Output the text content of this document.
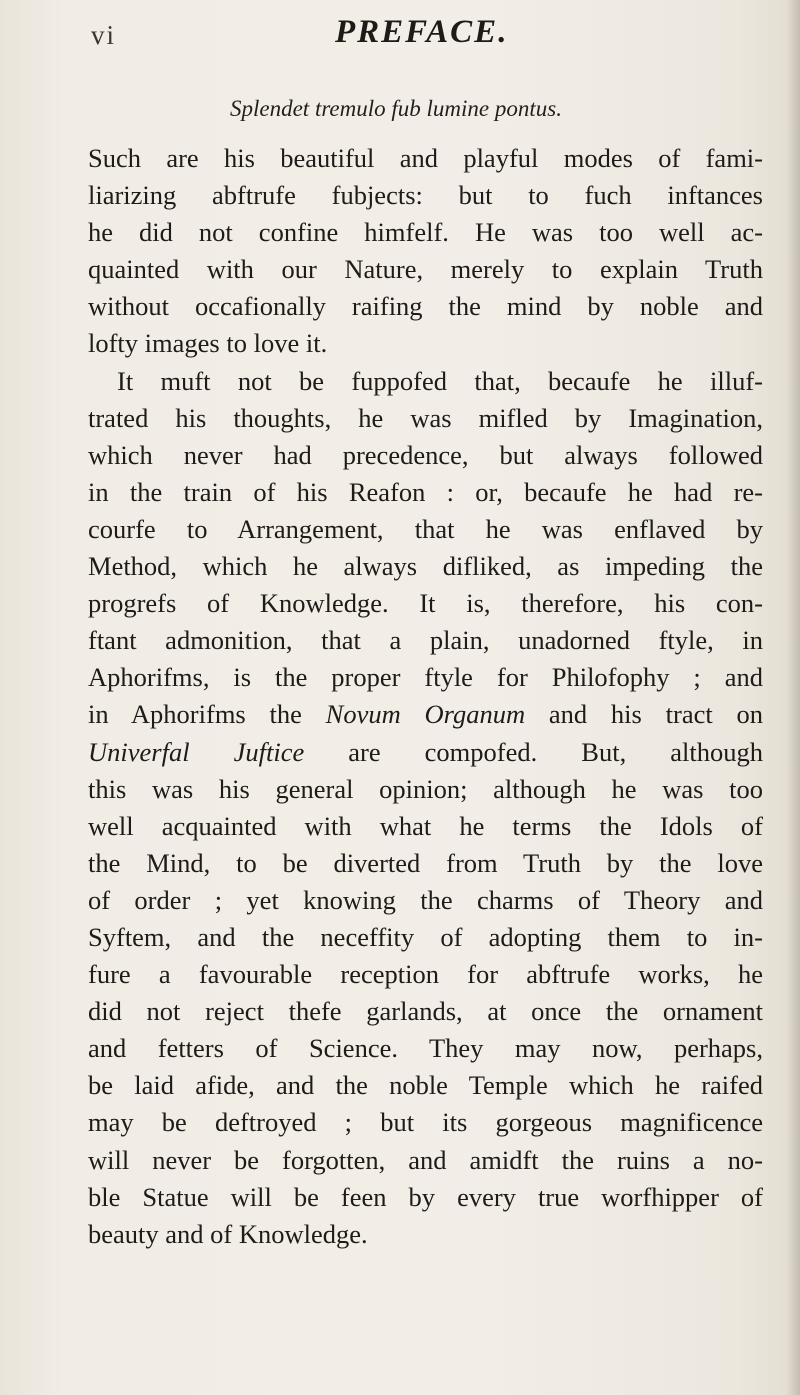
vi	PREFACE.
Splendet tremulo fub lumine pontus.
Such are his beautiful and playful modes of fami-
liarizing abftrufe fubjects: but to fuch inftances
he did not confine himfelf. He was too well ac-
quainted with our Nature, merely to explain Truth
without occafionally raifing the mind by noble and
lofty images to love it.
It muft not be fuppofed that, becaufe he illuf-
trated his thoughts, he was mifled by Imagination,
which never had precedence, but always followed
in the train of his Reafon : or, becaufe he had re-
courfe to Arrangement, that he was enflaved by
Method, which he always difliked, as impeding the
progrefs of Knowledge. It is, therefore, his con-
ftant admonition, that a plain, unadorned ftyle, in
Aphorifms, is the proper ftyle for Philofophy ; and
in Aphorifms the Novum Organum and his tract on
Univerfal Juftice are compofed. But, although
this was his general opinion; although he was too
well acquainted with what he terms the Idols of
the Mind, to be diverted from Truth by the love
of order ; yet knowing the charms of Theory and
Syftem, and the neceffity of adopting them to in-
fure a favourable reception for abftrufe works, he
did not reject thefe garlands, at once the ornament
and fetters of Science. They may now, perhaps,
be laid afide, and the noble Temple which he raifed
may be deftroyed ; but its gorgeous magnificence
will never be forgotten, and amidft the ruins a no-
ble Statue will be feen by every true worfhipper of
beauty and of Knowledge.
